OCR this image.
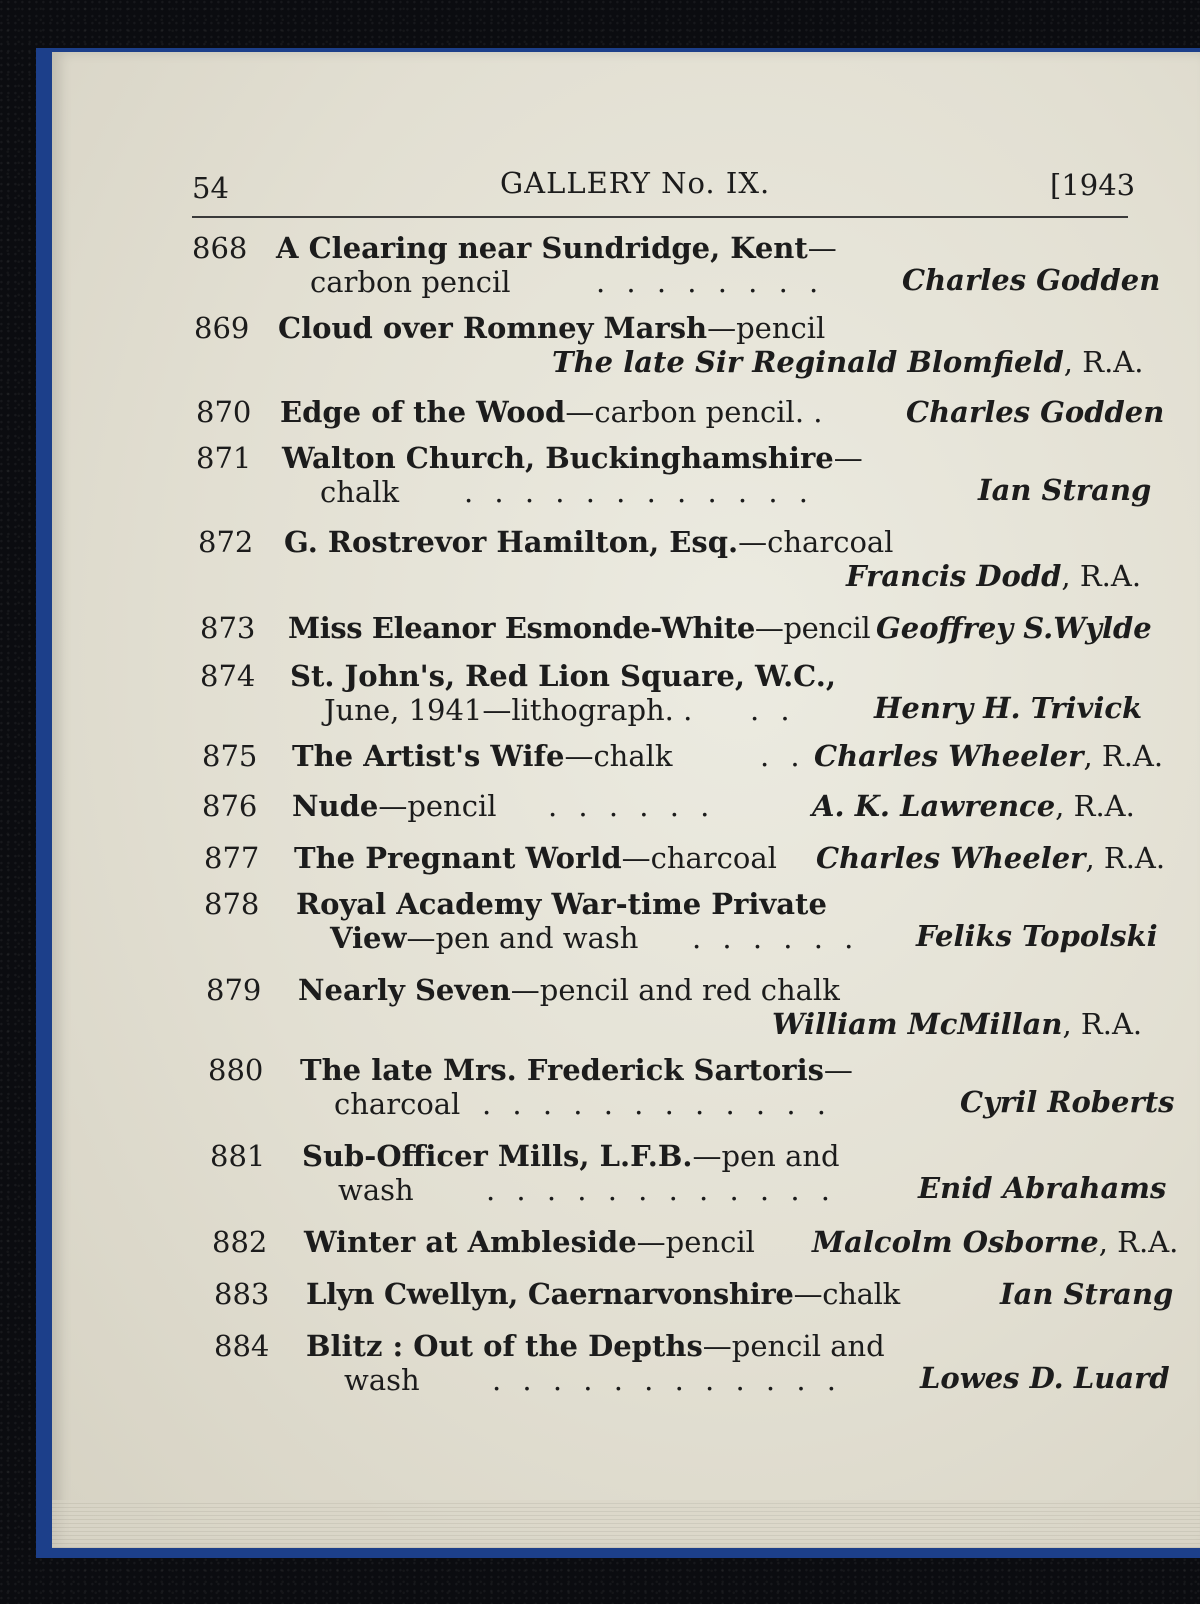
54	GALLERY No. IX.	[1943
868 A Clearing near Sundridge, Kent—
carbon pencil	. . . . . . . .	Charles Godden
869 Cloud over Romney Marsh—pencil
The late Sir Reginald Blomfield, R.A.
870 Edge of the Wood—carbon pencil. .	Charles Godden
871 Walton Church, Buckinghamshire—
chalk . . . . . . . . . . . .	Ian Strang
872 G. Rostrevor Hamilton, Esq.—charcoal
Francis Dodd, R.A.
873 Miss Eleanor Esmonde-White—pencil Geoffrey S.Wylde
874 St. John's, Red Lion Square, W.C.,
June, 1941—lithograph. . . .	Henry H. Trivick
875 The Artist's Wife—chalk	. . Charles Wheeler, R.A.
876 Nude—pencil . . . . . .	A. K. Lawrence, R.A.
877 The Pregnant World—charcoal Charles Wheeler, R.A.
878 Royal Academy War-time Private
View—pen and wash . . . . . . Feliks Topolski
879 Nearly Seven—pencil and red chalk
William McMillan, R.A.
880 The late Mrs. Frederick Sartoris—
charcoal . . . . . . . . . . . .	Cyril Roberts
881 Sub-Officer Mills, L.F.B.—pen and
wash . . . . . . . . . . . .	Enid Abrahams
882 Winter at Ambleside—pencil Malcolm Osborne, R.A.
883 Llyn Cwellyn, Caernarvonshire—chalk	Ian Strang
884 Blitz : Out of the Depths—pencil and
wash . . . . . . . . . . . .	Lowes D. Luard
